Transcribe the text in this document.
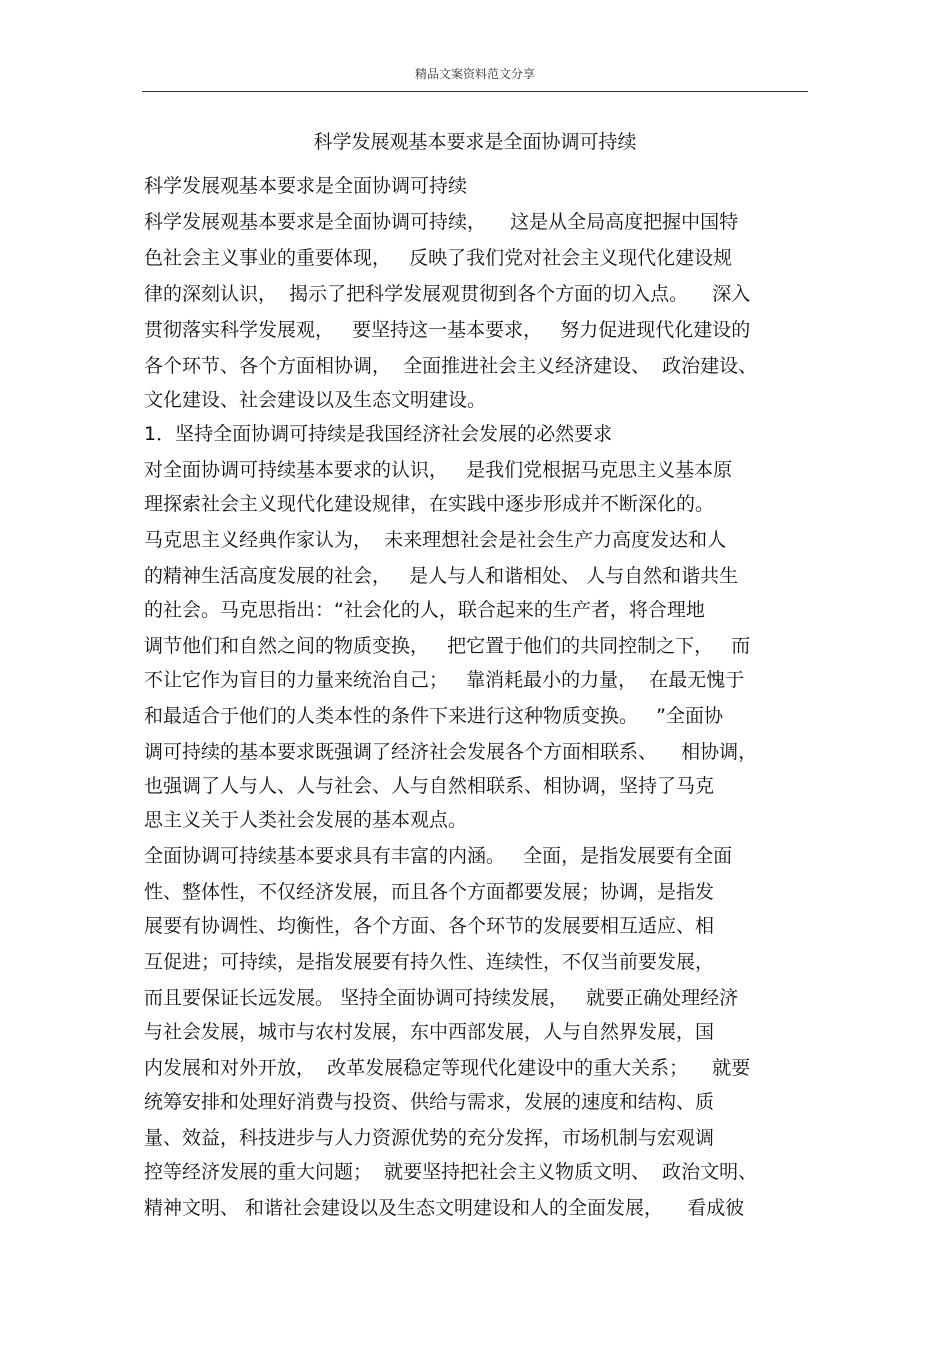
精品文案资料范文分享
科学发展观基本要求是全面协调可持续
科学发展观基本要求是全面协调可持续
科学发展观基本要求是全面协调可持续，    这是从全局高度把握中国特
色社会主义事业的重要体现，   反映了我们党对社会主义现代化建设规
律的深刻认识，  揭示了把科学发展观贯彻到各个方面的切入点。    深入
贯彻落实科学发展观，   要坚持这一基本要求，   努力促进现代化建设的
各个环节、各个方面相协调，  全面推进社会主义经济建设、  政治建设、
文化建设、社会建设以及生态文明建设。
1．坚持全面协调可持续是我国经济社会发展的必然要求
对全面协调可持续基本要求的认识，   是我们党根据马克思主义基本原
理探索社会主义现代化建设规律，在实践中逐步形成并不断深化的。
马克思主义经典作家认为，  未来理想社会是社会生产力高度发达和人
的精神生活高度发展的社会，   是人与人和谐相处、 人与自然和谐共生
的社会。马克思指出：“社会化的人，联合起来的生产者，将合理地
调节他们和自然之间的物质变换，   把它置于他们的共同控制之下，   而
不让它作为盲目的力量来统治自己；   靠消耗最小的力量，  在最无愧于
和最适合于他们的人类本性的条件下来进行这种物质变换。   ”全面协
调可持续的基本要求既强调了经济社会发展各个方面相联系、    相协调，
也强调了人与人、人与社会、人与自然相联系、相协调，坚持了马克
思主义关于人类社会发展的基本观点。
全面协调可持续基本要求具有丰富的内涵。   全面，是指发展要有全面
性、整体性，不仅经济发展，而且各个方面都要发展；协调，是指发
展要有协调性、均衡性，各个方面、各个环节的发展要相互适应、相
互促进；可持续，是指发展要有持久性、连续性，不仅当前要发展，
而且要保证长远发展。 坚持全面协调可持续发展，   就要正确处理经济
与社会发展，城市与农村发展，东中西部发展，人与自然界发展，国
内发展和对外开放，  改革发展稳定等现代化建设中的重大关系；    就要
统筹安排和处理好消费与投资、供给与需求，发展的速度和结构、质
量、效益，科技进步与人力资源优势的充分发挥，市场机制与宏观调
控等经济发展的重大问题；  就要坚持把社会主义物质文明、  政治文明、
精神文明、 和谐社会建设以及生态文明建设和人的全面发展，    看成彼
